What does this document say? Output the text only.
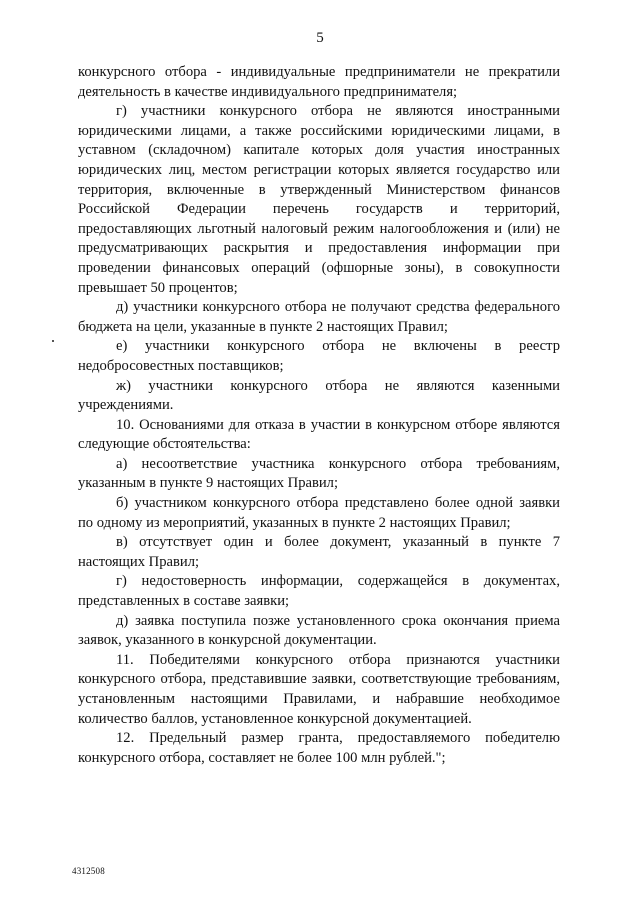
5

конкурсного отбора - индивидуальные предприниматели не прекратили деятельность в качестве индивидуального предпринимателя;

г) участники конкурсного отбора не являются иностранными юридическими лицами, а также российскими юридическими лицами, в уставном (складочном) капитале которых доля участия иностранных юридических лиц, местом регистрации которых является государство или территория, включенные в утвержденный Министерством финансов Российской Федерации перечень государств и территорий, предоставляющих льготный налоговый режим налогообложения и (или) не предусматривающих раскрытия и предоставления информации при проведении финансовых операций (офшорные зоны), в совокупности превышает 50 процентов;

д) участники конкурсного отбора не получают средства федерального бюджета на цели, указанные в пункте 2 настоящих Правил;

е) участники конкурсного отбора не включены в реестр недобросовестных поставщиков;

ж) участники конкурсного отбора не являются казенными учреждениями.

10. Основаниями для отказа в участии в конкурсном отборе являются следующие обстоятельства:

а) несоответствие участника конкурсного отбора требованиям, указанным в пункте 9 настоящих Правил;

б) участником конкурсного отбора представлено более одной заявки по одному из мероприятий, указанных в пункте 2 настоящих Правил;

в) отсутствует один и более документ, указанный в пункте 7 настоящих Правил;

г) недостоверность информации, содержащейся в документах, представленных в составе заявки;

д) заявка поступила позже установленного срока окончания приема заявок, указанного в конкурсной документации.

11. Победителями конкурсного отбора признаются участники конкурсного отбора, представившие заявки, соответствующие требованиям, установленным настоящими Правилами, и набравшие необходимое количество баллов, установленное конкурсной документацией.

12. Предельный размер гранта, предоставляемого победителю конкурсного отбора, составляет не более 100 млн рублей.";

4312508
